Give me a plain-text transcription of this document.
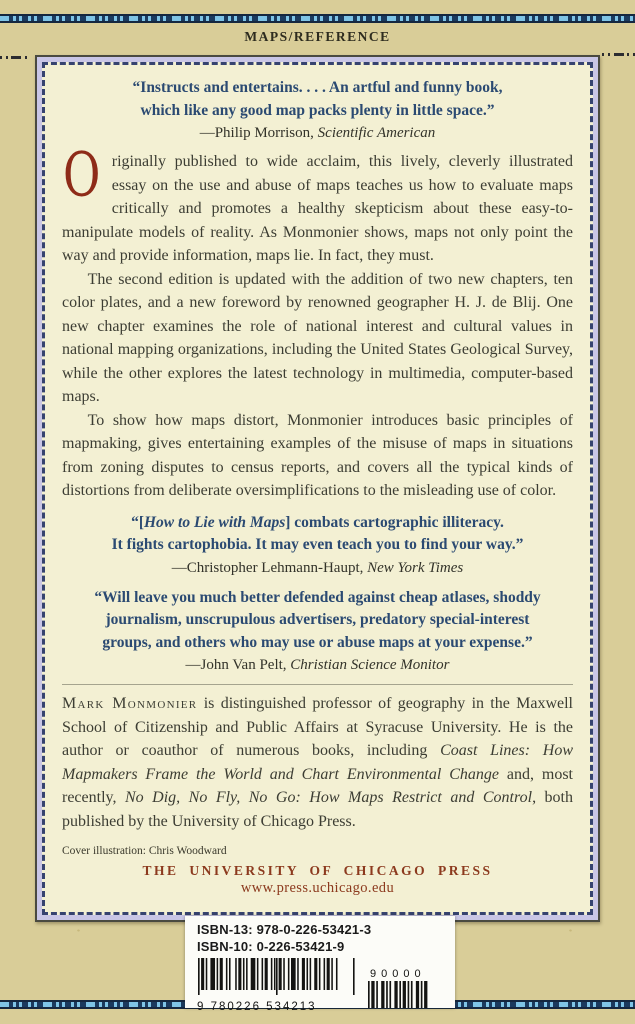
MAPS/REFERENCE
“Instructs and entertains. . . . An artful and funny book,
which like any good map packs plenty in little space.”
—Philip Morrison, Scientific American

Originally published to wide acclaim, this lively, cleverly illustrated essay on the use and abuse of maps teaches us how to evaluate maps critically and promotes a healthy skepticism about these easy-to-manipulate models of reality. As Monmonier shows, maps not only point the way and provide information, maps lie. In fact, they must.

The second edition is updated with the addition of two new chapters, ten color plates, and a new foreword by renowned geographer H. J. de Blij. One new chapter examines the role of national interest and cultural values in national mapping organizations, including the United States Geological Survey, while the other explores the latest technology in multimedia, computer-based maps.

To show how maps distort, Monmonier introduces basic principles of mapmaking, gives entertaining examples of the misuse of maps in situations from zoning disputes to census reports, and covers all the typical kinds of distortions from deliberate oversimplifications to the misleading use of color.

“[How to Lie with Maps] combats cartographic illiteracy.
It fights cartophobia. It may even teach you to find your way.”
—Christopher Lehmann-Haupt, New York Times
“Will leave you much better defended against cheap atlases, shoddy
journalism, unscrupulous advertisers, predatory special-interest
groups, and others who may use or abuse maps at your expense.”
—John Van Pelt, Christian Science Monitor

Mark Monmonier is distinguished professor of geography in the Maxwell School of Citizenship and Public Affairs at Syracuse University. He is the author or coauthor of numerous books, including Coast Lines: How Mapmakers Frame the World and Chart Environmental Change and, most recently, No Dig, No Fly, No Go: How Maps Restrict and Control, both published by the University of Chicago Press.

Cover illustration: Chris Woodward
THE UNIVERSITY OF CHICAGO PRESS
www.press.uchicago.edu
ISBN-13: 978-0-226-53421-3
ISBN-10: 0-226-53421-9
9 780226 534213
90000
